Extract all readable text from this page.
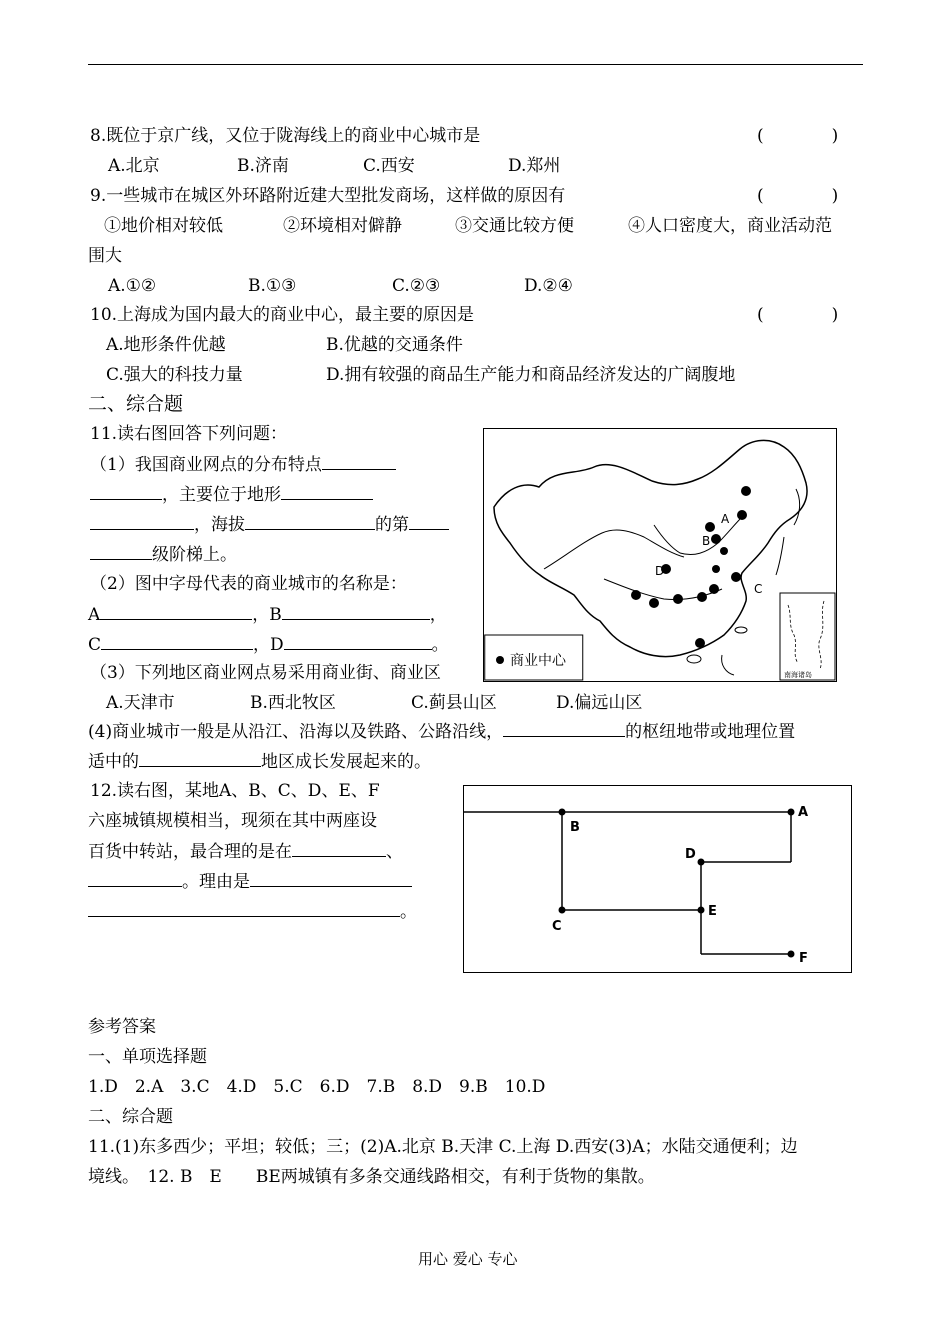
8.既位于京广线，又位于陇海线上的商业中心城市是	(　　　　)
A.北京	B.济南	C.西安	D.郑州
9.一些城市在城区外环路附近建大型批发商场，这样做的原因有	(　　　　)
①地价相对较低	②环境相对僻静	③交通比较方便	④人口密度大，商业活动范
围大
A.①②	B.①③	C.②③	D.②④
10.上海成为国内最大的商业中心，最主要的原因是	(　　　　)
A.地形条件优越	B.优越的交通条件
C.强大的科技力量	D.拥有较强的商品生产能力和商品经济发达的广阔腹地
二、综合题
11.读右图回答下列问题：
（1）我国商业网点的分布特点
，主要位于地形
，海拔	的第
级阶梯上。
（2）图中字母代表的商业城市的名称是：
A	，B	，
C	，D	。
（3）下列地区商业网点易采用商业街、商业区
A.天津市	B.西北牧区	C.蓟县山区	D.偏远山区
A
B
C
D
商业中心
南海诸岛
(4)商业城市一般是从沿江、沿海以及铁路、公路沿线，	的枢纽地带或地理位置
适中的	地区成长发展起来的。
12.读右图，某地A、B、C、D、E、F
六座城镇规模相当，现须在其中两座设
百货中转站，最合理的是在	、
。理由是
。
A
B
C
D
E
F
参考答案
一、单项选择题
1.D　2.A　3.C　4.D　5.C　6.D　7.B　8.D　9.B　10.D
二、综合题
11.(1)东多西少；平坦；较低；三；(2)A.北京 B.天津 C.上海 D.西安(3)A；水陆交通便利；边
境线。　12. B　E　　BE两城镇有多条交通线路相交，有利于货物的集散。
用心 爱心 专心
